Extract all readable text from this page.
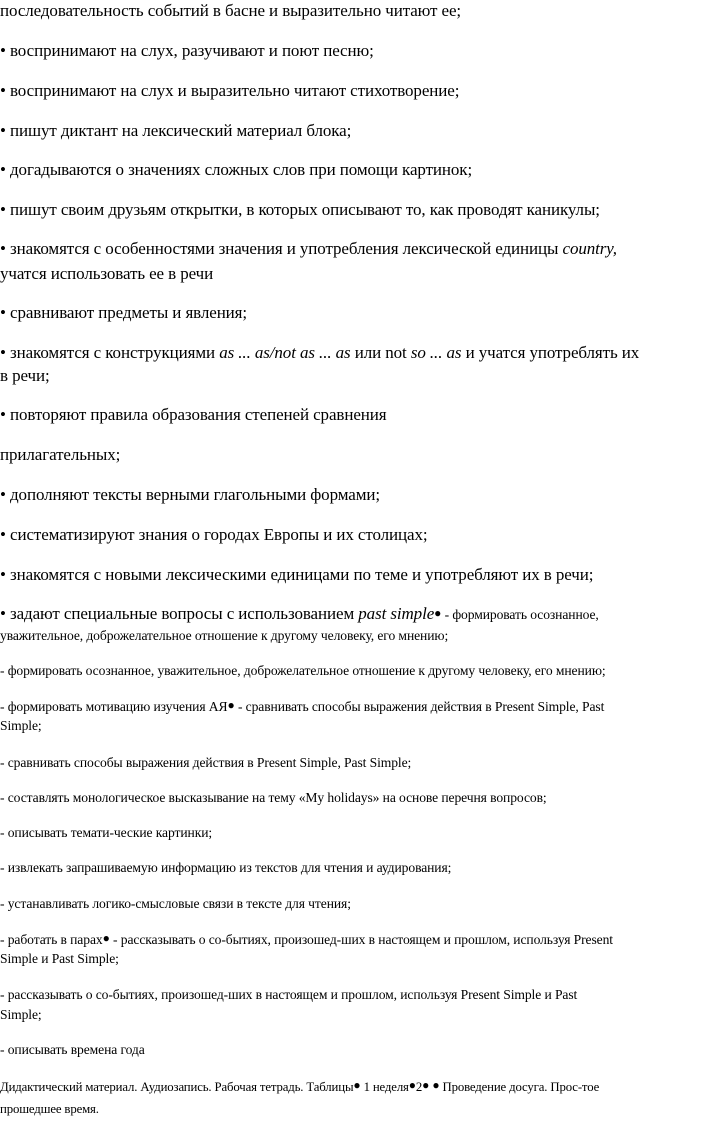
последовательность событий в басне и выразительно читают ее;
• воспринимают на слух, разучивают и поют песню;
• воспринимают на слух и выразительно читают стихотворение;
• пишут диктант на лексический материал блока;
• догадываются о значениях сложных слов при помощи картинок;
• пишут своим друзьям открытки, в которых описывают то, как проводят каникулы;
• знакомятся с особенностями значения и употребления лексической единицы country,
учатся использовать ее в речи
• сравнивают предметы и явления;
• знакомятся с конструкциями as ... as/not as ... as или not so ... as и учатся употреблять их
в речи;
• повторяют правила образования степеней сравнения
прилагательных;
• дополняют тексты верными глагольными формами;
• систематизируют знания о городах Европы и их столицах;
• знакомятся с новыми лексическими единицами по теме и употребляют их в речи;
• задают специальные вопросы с использованием past simple● - формировать осознанное,
уважительное, доброжелательное отношение к другому человеку, его мнению;
- формировать осознанное, уважительное, доброжелательное отношение к другому человеку, его мнению;
- формировать мотивацию изучения АЯ● - сравнивать способы выражения действия в Present Simple, Past
Simple;
- сравнивать способы выражения действия в Present Simple, Past Simple;
- составлять монологическое высказывание на тему «My holidays» на основе перечня вопросов;
- описывать темати-ческие картинки;
- извлекать запрашиваемую информацию из текстов для чтения и аудирования;
- устанавливать логико-смысловые связи в тексте для чтения;
- работать в парах● - рассказывать о со-бытиях, произошед-ших в настоящем и прошлом, используя Present
Simple и Past Simple;
- рассказывать о со-бытиях, произошед-ших в настоящем и прошлом, используя Present Simple и Past
Simple;
- описывать времена года
Дидактический материал. Аудиозапись. Рабочая тетрадь. Таблицы● 1 неделя●2● ● Проведение досуга. Прос-тое
прошедшее время.
